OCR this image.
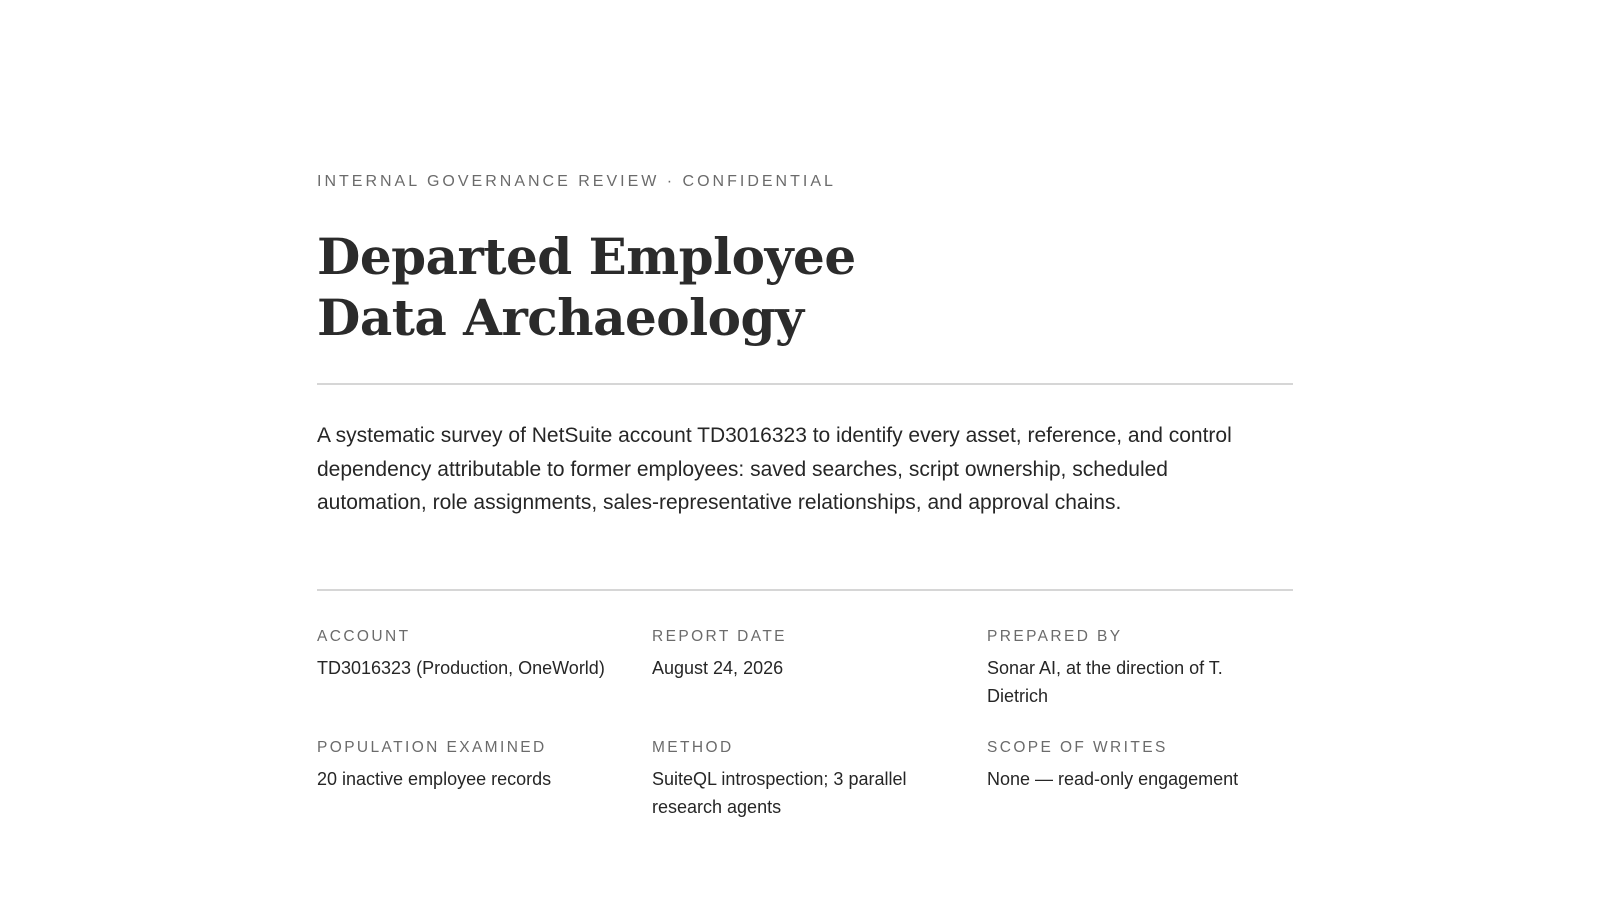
INTERNAL GOVERNANCE REVIEW · CONFIDENTIAL
Departed Employee
Data Archaeology

A systematic survey of NetSuite account TD3016323 to identify every asset, reference, and control dependency attributable to former employees: saved searches, script ownership, scheduled automation, role assignments, sales-representative relationships, and approval chains.

ACCOUNT
TD3016323 (Production, OneWorld)
REPORT DATE
August 24, 2026
PREPARED BY
Sonar AI, at the direction of T. Dietrich
POPULATION EXAMINED
20 inactive employee records
METHOD
SuiteQL introspection; 3 parallel research agents
SCOPE OF WRITES
None — read-only engagement
